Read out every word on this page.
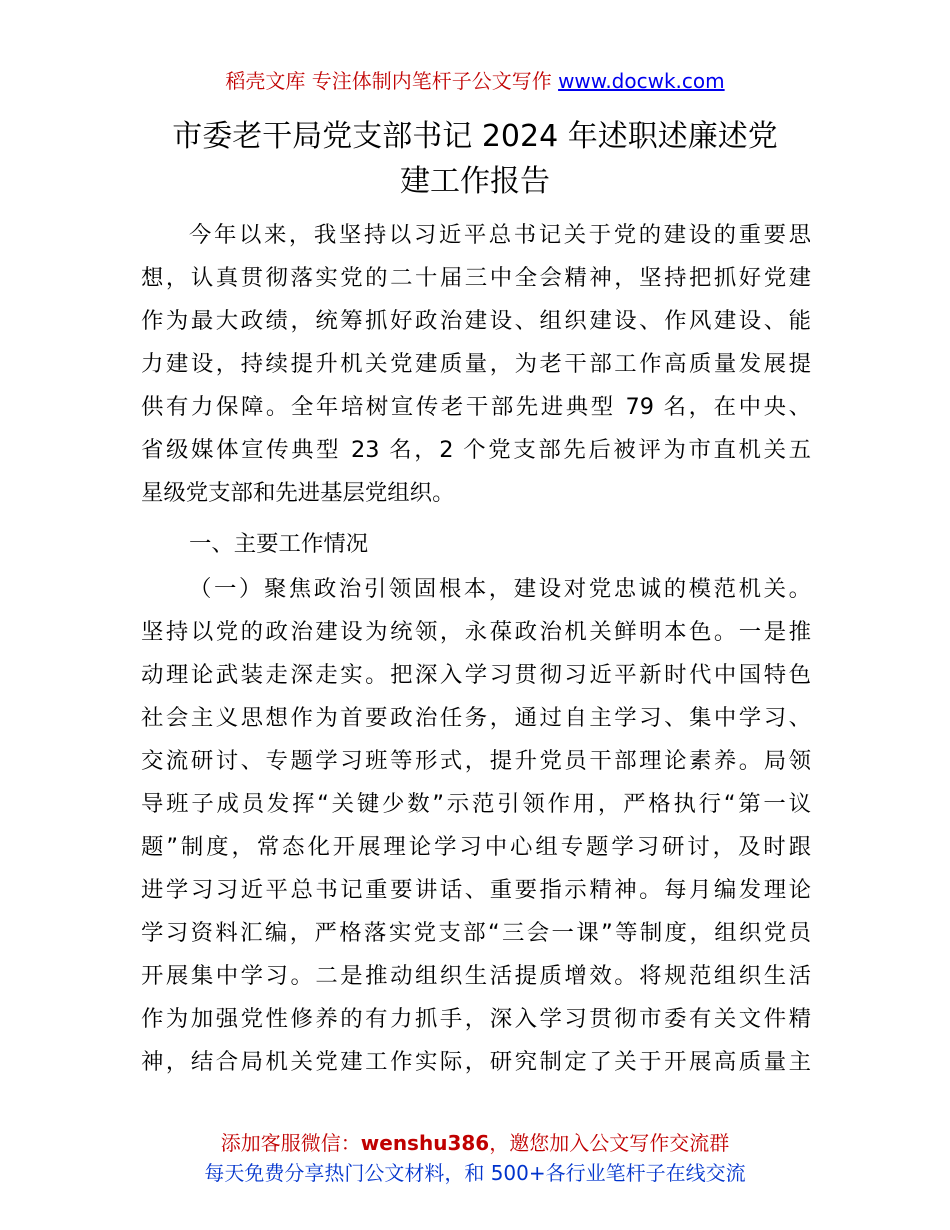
稻壳文库 专注体制内笔杆子公文写作 www.docwk.com
市委老干局党支部书记 2024 年述职述廉述党
建工作报告
今年以来，我坚持以习近平总书记关于党的建设的重要思
想，认真贯彻落实党的二十届三中全会精神，坚持把抓好党建
作为最大政绩，统筹抓好政治建设、组织建设、作风建设、能
力建设，持续提升机关党建质量，为老干部工作高质量发展提
供有力保障。全年培树宣传老干部先进典型 79 名，在中央、
省级媒体宣传典型 23 名，2 个党支部先后被评为市直机关五
星级党支部和先进基层党组织。
一、主要工作情况
（一）聚焦政治引领固根本，建设对党忠诚的模范机关。
坚持以党的政治建设为统领，永葆政治机关鲜明本色。一是推
动理论武装走深走实。把深入学习贯彻习近平新时代中国特色
社会主义思想作为首要政治任务，通过自主学习、集中学习、
交流研讨、专题学习班等形式，提升党员干部理论素养。局领
导班子成员发挥“关键少数”示范引领作用，严格执行“第一议
题”制度，常态化开展理论学习中心组专题学习研讨，及时跟
进学习习近平总书记重要讲话、重要指示精神。每月编发理论
学习资料汇编，严格落实党支部“三会一课”等制度，组织党员
开展集中学习。二是推动组织生活提质增效。将规范组织生活
作为加强党性修养的有力抓手，深入学习贯彻市委有关文件精
神，结合局机关党建工作实际，研究制定了关于开展高质量主
添加客服微信：wenshu386，邀您加入公文写作交流群
每天免费分享热门公文材料，和 500+各行业笔杆子在线交流
